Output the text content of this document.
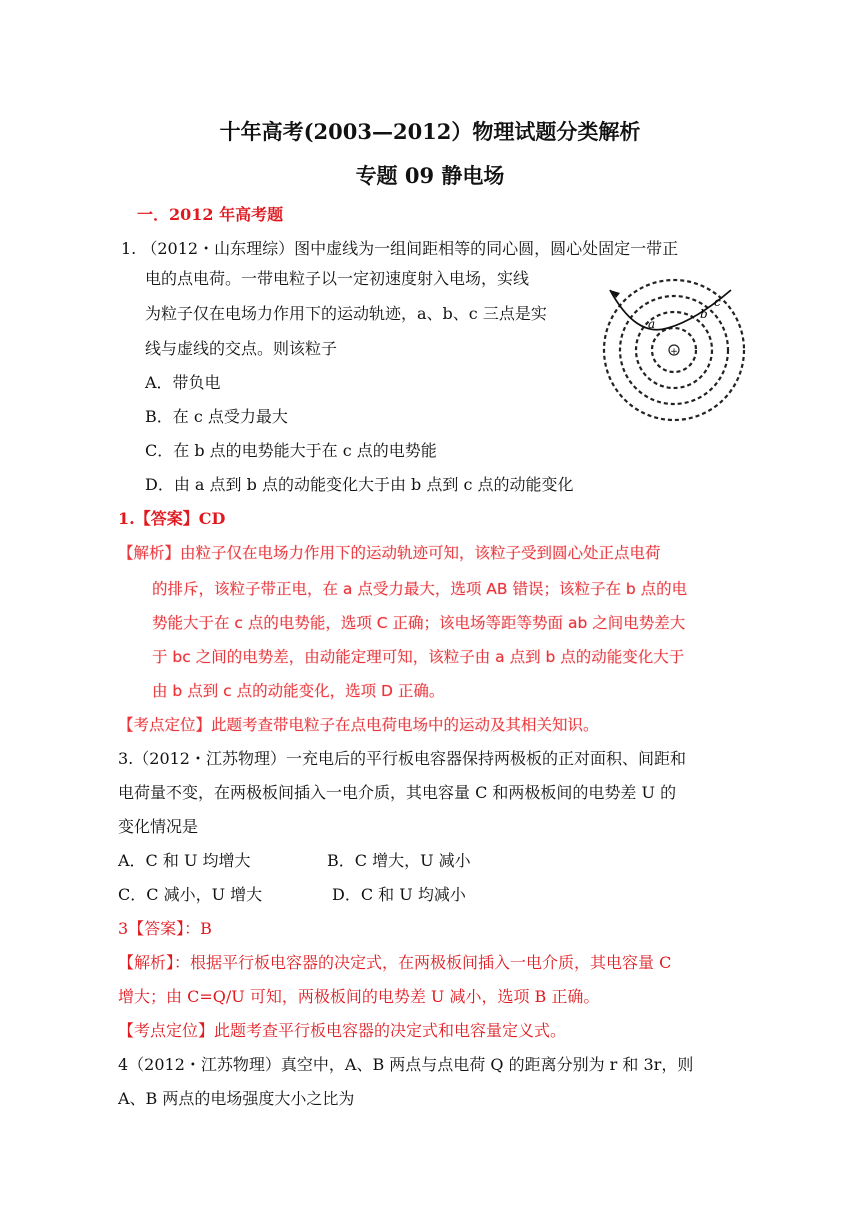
十年高考(2003—2012）物理试题分类解析
专题 09 静电场
一．2012 年高考题
1. （2012・山东理综）图中虚线为一组间距相等的同心圆，圆心处固定一带正
电的点电荷。一带电粒子以一定初速度射入电场，实线
为粒子仅在电场力作用下的运动轨迹，a、b、c 三点是实
线与虚线的交点。则该粒子	+
a
b
c
A．带负电
B．在 c 点受力最大
C．在 b 点的电势能大于在 c 点的电势能
D．由 a 点到 b 点的动能变化大于由 b 点到 c 点的动能变化
1.【答案】CD
【解析】由粒子仅在电场力作用下的运动轨迹可知，该粒子受到圆心处正点电荷
的排斥，该粒子带正电，在 a 点受力最大，选项 AB 错误；该粒子在 b 点的电
势能大于在 c 点的电势能，选项 C 正确；该电场等距等势面 ab 之间电势差大
于 bc 之间的电势差，由动能定理可知，该粒子由 a 点到 b 点的动能变化大于
由 b 点到 c 点的动能变化，选项 D 正确。
【考点定位】此题考查带电粒子在点电荷电场中的运动及其相关知识。
3.（2012・江苏物理）一充电后的平行板电容器保持两极板的正对面积、间距和
电荷量不变，在两极板间插入一电介质，其电容量 C 和两极板间的电势差 U 的
变化情况是
A．C 和 U 均增大	B．C 增大，U 减小
C．C 减小，U 增大	D．C 和 U 均减小
3【答案】：B
【解析】：根据平行板电容器的决定式，在两极板间插入一电介质，其电容量 C
增大；由 C=Q/U 可知，两极板间的电势差 U 减小，选项 B 正确。
【考点定位】此题考查平行板电容器的决定式和电容量定义式。
4（2012・江苏物理）真空中，A、B 两点与点电荷 Q 的距离分别为 r 和 3r，则
A、B 两点的电场强度大小之比为
